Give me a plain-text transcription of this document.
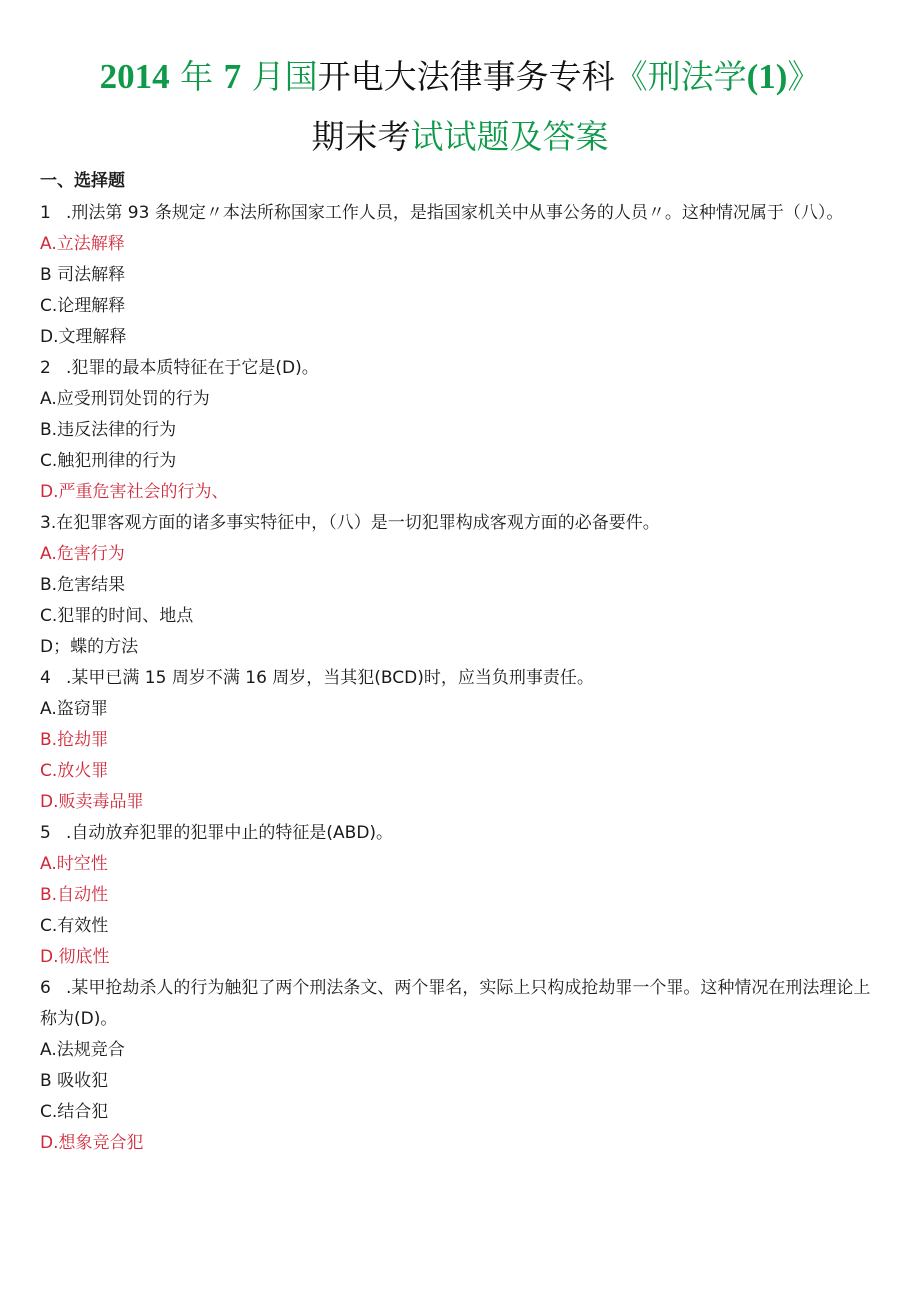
2014 年 7 月国开电大法律事务专科《刑法学(1)》
期末考试试题及答案
一、选择题
1 .刑法第 93 条规定〃本法所称国家工作人员，是指国家机关中从事公务的人员〃。这种情况属于（八）。
A.立法解释
B 司法解释
C.论理解释
D.文理解释
2 .犯罪的最本质特征在于它是(D)。
A.应受刑罚处罚的行为
B.违反法律的行为
C.触犯刑律的行为
D.严重危害社会的行为、
3.在犯罪客观方面的诸多事实特征中，（八）是一切犯罪构成客观方面的必备要件。
A.危害行为
B.危害结果
C.犯罪的时间、地点
D；蝶的方法
4 .某甲已满 15 周岁不满 16 周岁，当其犯(BCD)时，应当负刑事责任。
A.盗窃罪
B.抢劫罪
C.放火罪
D.贩卖毒品罪
5 .自动放弃犯罪的犯罪中止的特征是(ABD)。
A.时空性
B.自动性
C.有效性
D.彻底性
6 .某甲抢劫杀人的行为触犯了两个刑法条文、两个罪名，实际上只构成抢劫罪一个罪。这种情况在刑法理论上称为(D)。
A.法规竞合
B 吸收犯
C.结合犯
D.想象竞合犯
